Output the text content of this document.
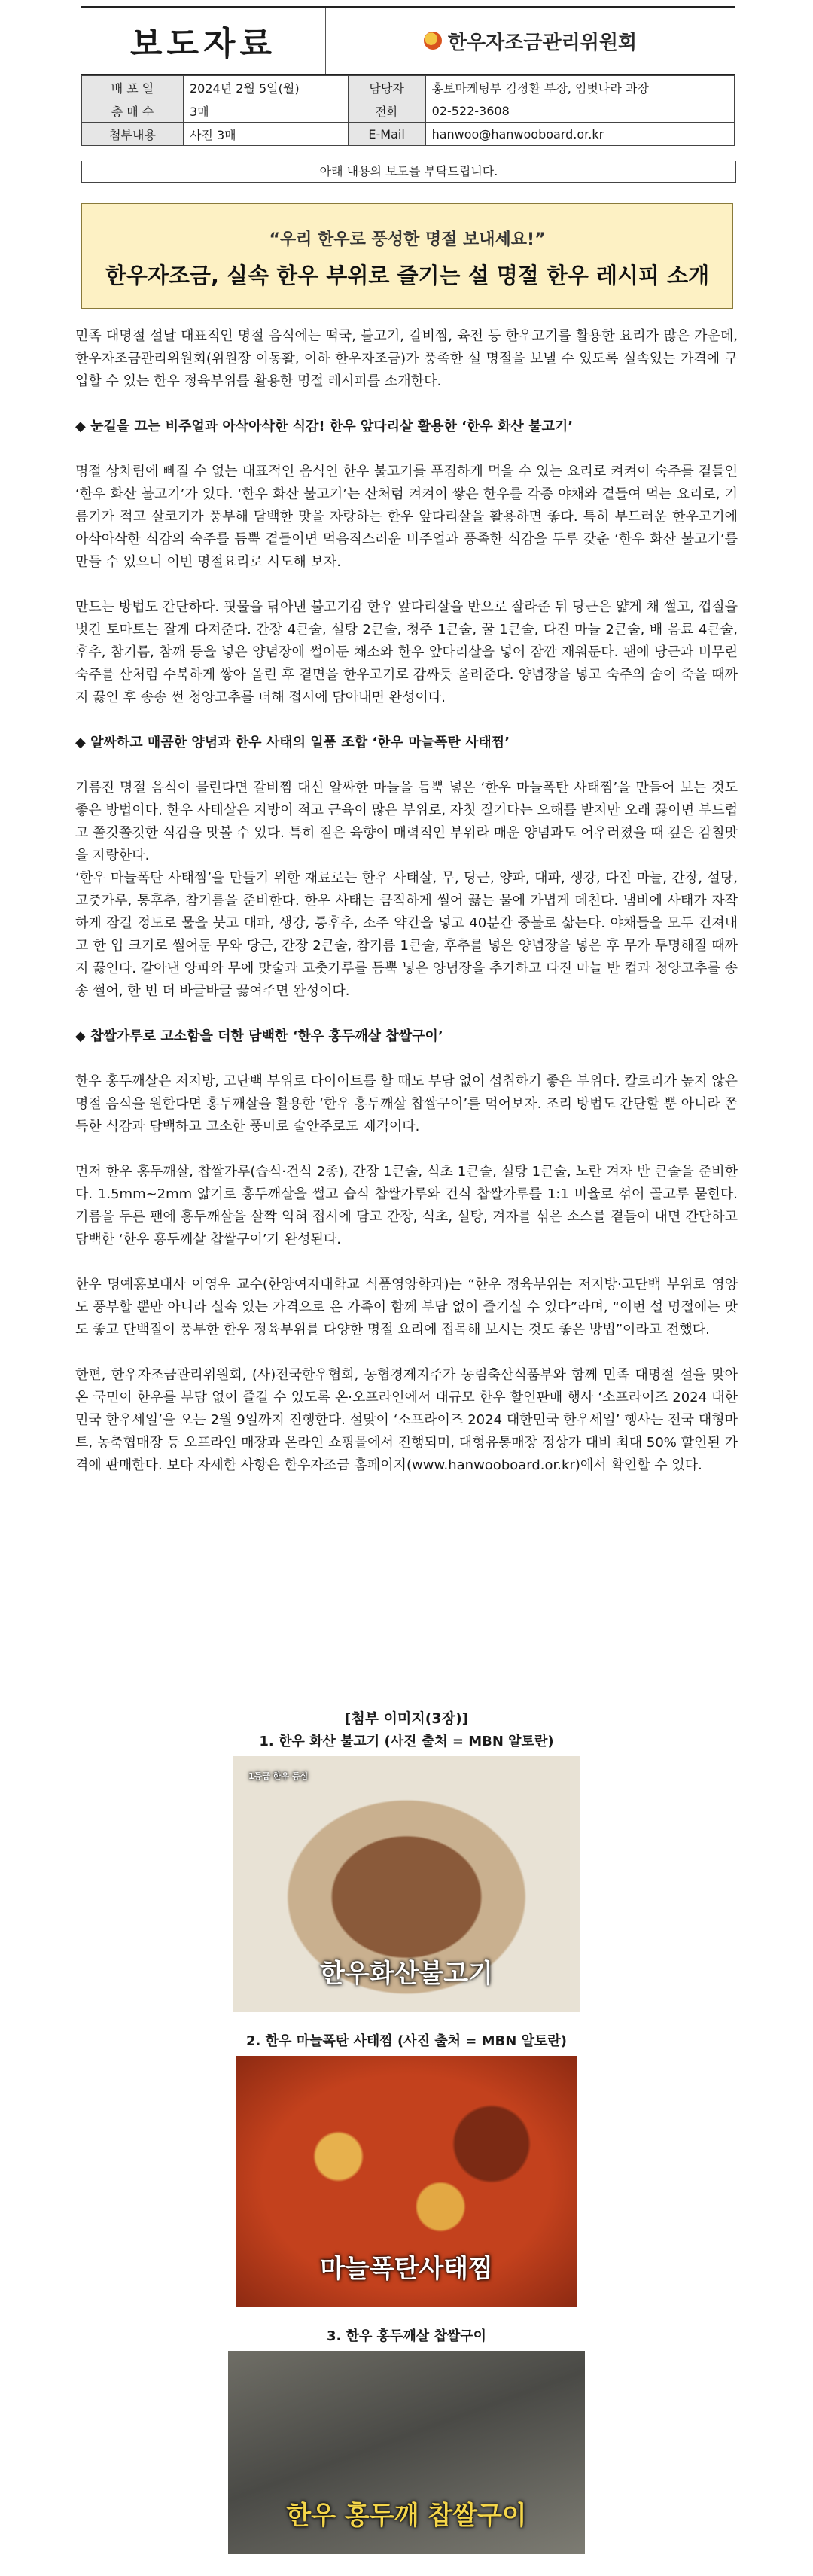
보도자료	한우자조금관리위원회
배 포 일	2024년 2월 5일(월)	담당자	홍보마케팅부 김정환 부장, 임벗나라 과장
총 매 수	3매	전화	02-522-3608
첨부내용	사진 3매	E-Mail	hanwoo@hanwooboard.or.kr
아래 내용의 보도를 부탁드립니다.
“우리 한우로 풍성한 명절 보내세요!”
한우자조금, 실속 한우 부위로 즐기는 설 명절 한우 레시피 소개

민족 대명절 설날 대표적인 명절 음식에는 떡국, 불고기, 갈비찜, 육전 등 한우고기를 활용한 요리가 많은 가운데, 한우자조금관리위원회(위원장 이동활, 이하 한우자조금)가 풍족한 설 명절을 보낼 수 있도록 실속있는 가격에 구입할 수 있는 한우 정육부위를 활용한 명절 레시피를 소개한다.

◆ 눈길을 끄는 비주얼과 아삭아삭한 식감! 한우 앞다리살 활용한 ‘한우 화산 불고기’

명절 상차림에 빠질 수 없는 대표적인 음식인 한우 불고기를 푸짐하게 먹을 수 있는 요리로 켜켜이 숙주를 곁들인 ‘한우 화산 불고기’가 있다. ‘한우 화산 불고기’는 산처럼 켜켜이 쌓은 한우를 각종 야채와 곁들여 먹는 요리로, 기름기가 적고 살코기가 풍부해 담백한 맛을 자랑하는 한우 앞다리살을 활용하면 좋다. 특히 부드러운 한우고기에 아삭아삭한 식감의 숙주를 듬뿍 곁들이면 먹음직스러운 비주얼과 풍족한 식감을 두루 갖춘 ‘한우 화산 불고기’를 만들 수 있으니 이번 명절요리로 시도해 보자.

만드는 방법도 간단하다. 핏물을 닦아낸 불고기감 한우 앞다리살을 반으로 잘라준 뒤 당근은 얇게 채 썰고, 껍질을 벗긴 토마토는 잘게 다져준다. 간장 4큰술, 설탕 2큰술, 청주 1큰술, 꿀 1큰술, 다진 마늘 2큰술, 배 음료 4큰술, 후추, 참기름, 참깨 등을 넣은 양념장에 썰어둔 채소와 한우 앞다리살을 넣어 잠깐 재워둔다. 팬에 당근과 버무린 숙주를 산처럼 수북하게 쌓아 올린 후 곁면을 한우고기로 감싸듯 올려준다. 양념장을 넣고 숙주의 숨이 죽을 때까지 끓인 후 송송 썬 청양고추를 더해 접시에 담아내면 완성이다.

◆ 알싸하고 매콤한 양념과 한우 사태의 일품 조합 ‘한우 마늘폭탄 사태찜’

기름진 명절 음식이 물린다면 갈비찜 대신 알싸한 마늘을 듬뿍 넣은 ‘한우 마늘폭탄 사태찜’을 만들어 보는 것도 좋은 방법이다. 한우 사태살은 지방이 적고 근육이 많은 부위로, 자칫 질기다는 오해를 받지만 오래 끓이면 부드럽고 쫄깃쫄깃한 식감을 맛볼 수 있다. 특히 짙은 육향이 매력적인 부위라 매운 양념과도 어우러졌을 때 깊은 감칠맛을 자랑한다.

‘한우 마늘폭탄 사태찜’을 만들기 위한 재료로는 한우 사태살, 무, 당근, 양파, 대파, 생강, 다진 마늘, 간장, 설탕, 고춧가루, 통후추, 참기름을 준비한다. 한우 사태는 큼직하게 썰어 끓는 물에 가볍게 데친다. 냄비에 사태가 자작하게 잠길 정도로 물을 붓고 대파, 생강, 통후추, 소주 약간을 넣고 40분간 중불로 삶는다. 야채들을 모두 건져내고 한 입 크기로 썰어둔 무와 당근, 간장 2큰술, 참기름 1큰술, 후추를 넣은 양념장을 넣은 후 무가 투명해질 때까지 끓인다. 갈아낸 양파와 무에 맛술과 고춧가루를 듬뿍 넣은 양념장을 추가하고 다진 마늘 반 컵과 청양고추를 송송 썰어, 한 번 더 바글바글 끓여주면 완성이다.

◆ 찹쌀가루로 고소함을 더한 담백한 ‘한우 홍두깨살 찹쌀구이’

한우 홍두깨살은 저지방, 고단백 부위로 다이어트를 할 때도 부담 없이 섭취하기 좋은 부위다. 칼로리가 높지 않은 명절 음식을 원한다면 홍두깨살을 활용한 ‘한우 홍두깨살 찹쌀구이’를 먹어보자. 조리 방법도 간단할 뿐 아니라 쫀득한 식감과 담백하고 고소한 풍미로 술안주로도 제격이다.

먼저 한우 홍두깨살, 찹쌀가루(습식·건식 2종), 간장 1큰술, 식초 1큰술, 설탕 1큰술, 노란 겨자 반 큰술을 준비한다. 1.5mm~2mm 얇기로 홍두깨살을 썰고 습식 찹쌀가루와 건식 찹쌀가루를 1:1 비율로 섞어 골고루 묻힌다. 기름을 두른 팬에 홍두깨살을 살짝 익혀 접시에 담고 간장, 식초, 설탕, 겨자를 섞은 소스를 곁들여 내면 간단하고 담백한 ‘한우 홍두깨살 찹쌀구이’가 완성된다.

한우 명예홍보대사 이영우 교수(한양여자대학교 식품영양학과)는 “한우 정육부위는 저지방·고단백 부위로 영양도 풍부할 뿐만 아니라 실속 있는 가격으로 온 가족이 함께 부담 없이 즐기실 수 있다”라며, “이번 설 명절에는 맛도 좋고 단백질이 풍부한 한우 정육부위를 다양한 명절 요리에 접목해 보시는 것도 좋은 방법”이라고 전했다.

한편, 한우자조금관리위원회, (사)전국한우협회, 농협경제지주가 농림축산식품부와 함께 민족 대명절 설을 맞아 온 국민이 한우를 부담 없이 즐길 수 있도록 온·오프라인에서 대규모 한우 할인판매 행사 ‘소프라이즈 2024 대한민국 한우세일’을 오는 2월 9일까지 진행한다. 설맞이 ‘소프라이즈 2024 대한민국 한우세일’ 행사는 전국 대형마트, 농축협매장 등 오프라인 매장과 온라인 쇼핑몰에서 진행되며, 대형유통매장 정상가 대비 최대 50% 할인된 가격에 판매한다. 보다 자세한 사항은 한우자조금 홈페이지(www.hanwooboard.or.kr)에서 확인할 수 있다.

[첨부 이미지(3장)]
1. 한우 화산 불고기 (사진 출처 = MBN 알토란)
1등급 한우 등심
한우화산불고기
2. 한우 마늘폭탄 사태찜 (사진 출처 = MBN 알토란)
마늘폭탄사태찜
3. 한우 홍두깨살 찹쌀구이
한우 홍두깨 찹쌀구이
